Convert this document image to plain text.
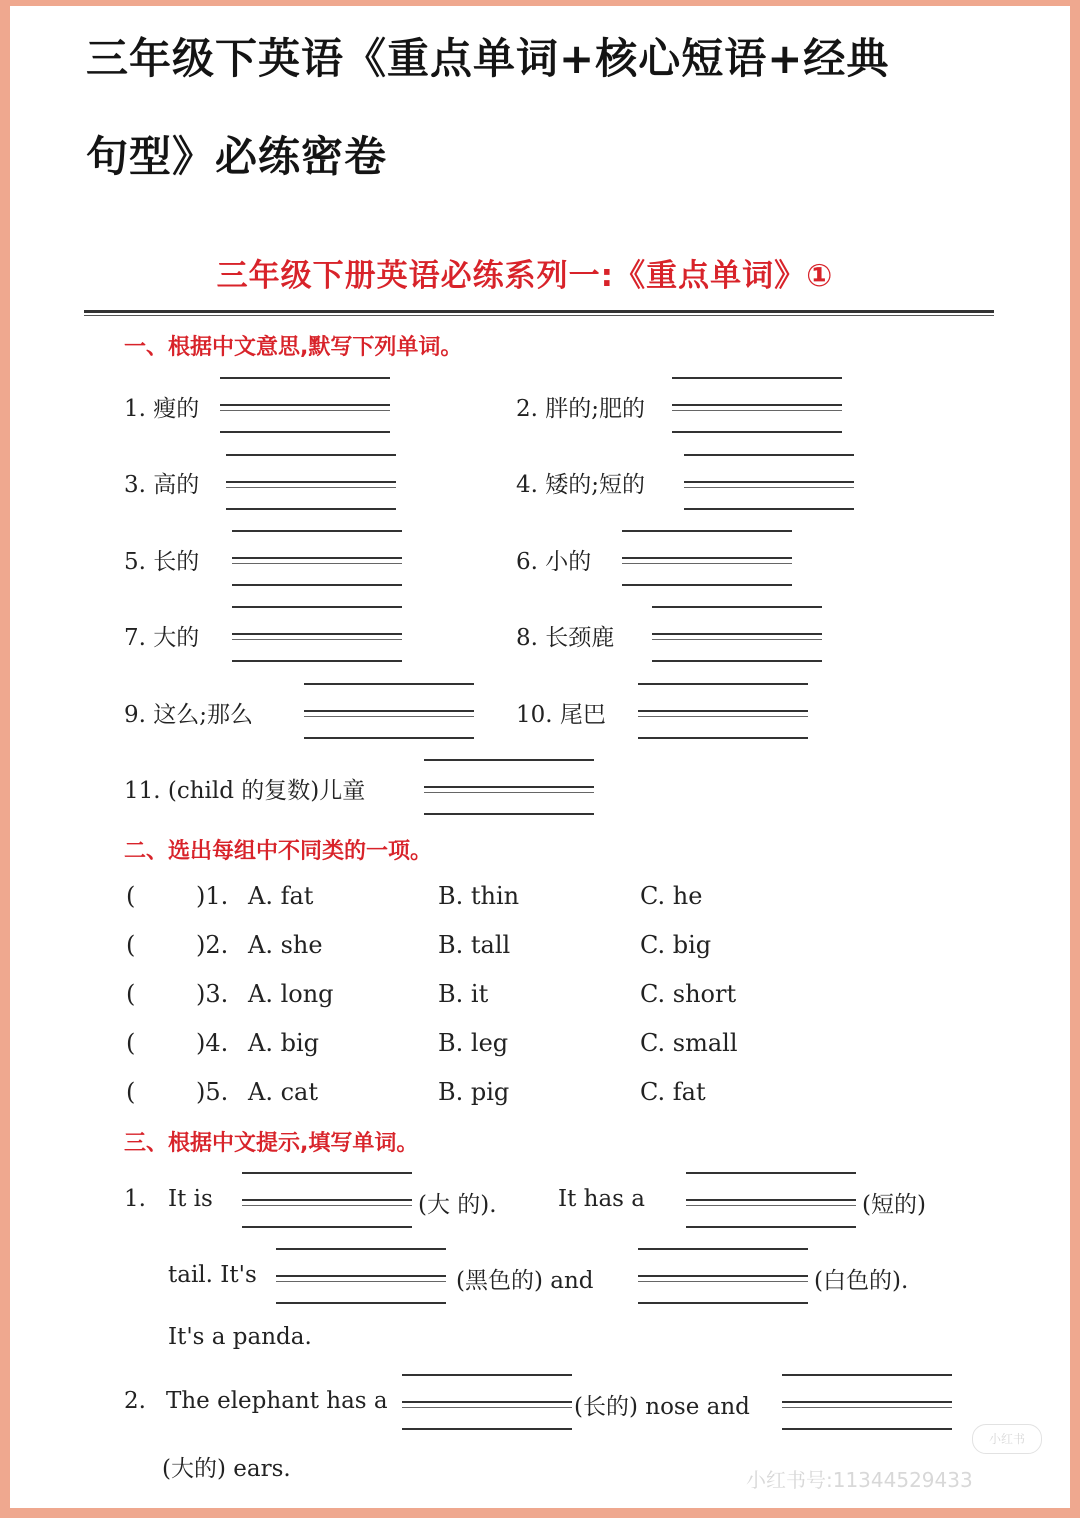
三年级下英语《重点单词+核心短语+经典
句型》必练密卷
三年级下册英语必练系列一:《重点单词》①
一、根据中文意思,默写下列单词。
1. 瘦的	2. 胖的;肥的
3. 高的	4. 矮的;短的
5. 长的	6. 小的
7. 大的	8. 长颈鹿
9. 这么;那么	10. 尾巴
11. (child 的复数)儿童
二、选出每组中不同类的一项。
(	)1. A. fat	B. thin	C. he
(	)2. A. she	B. tall	C. big
(	)3. A. long	B. it	C. short
(	)4. A. big	B. leg	C. small
(	)5. A. cat	B. pig	C. fat
三、根据中文提示,填写单词。
1. It is	(大 的).	It has a	(短的)
tail. It's	(黑色的) and	(白色的).
It's a panda.
2. The elephant has a	(长的) nose and
(大的) ears.
小红书
小红书号:11344529433
